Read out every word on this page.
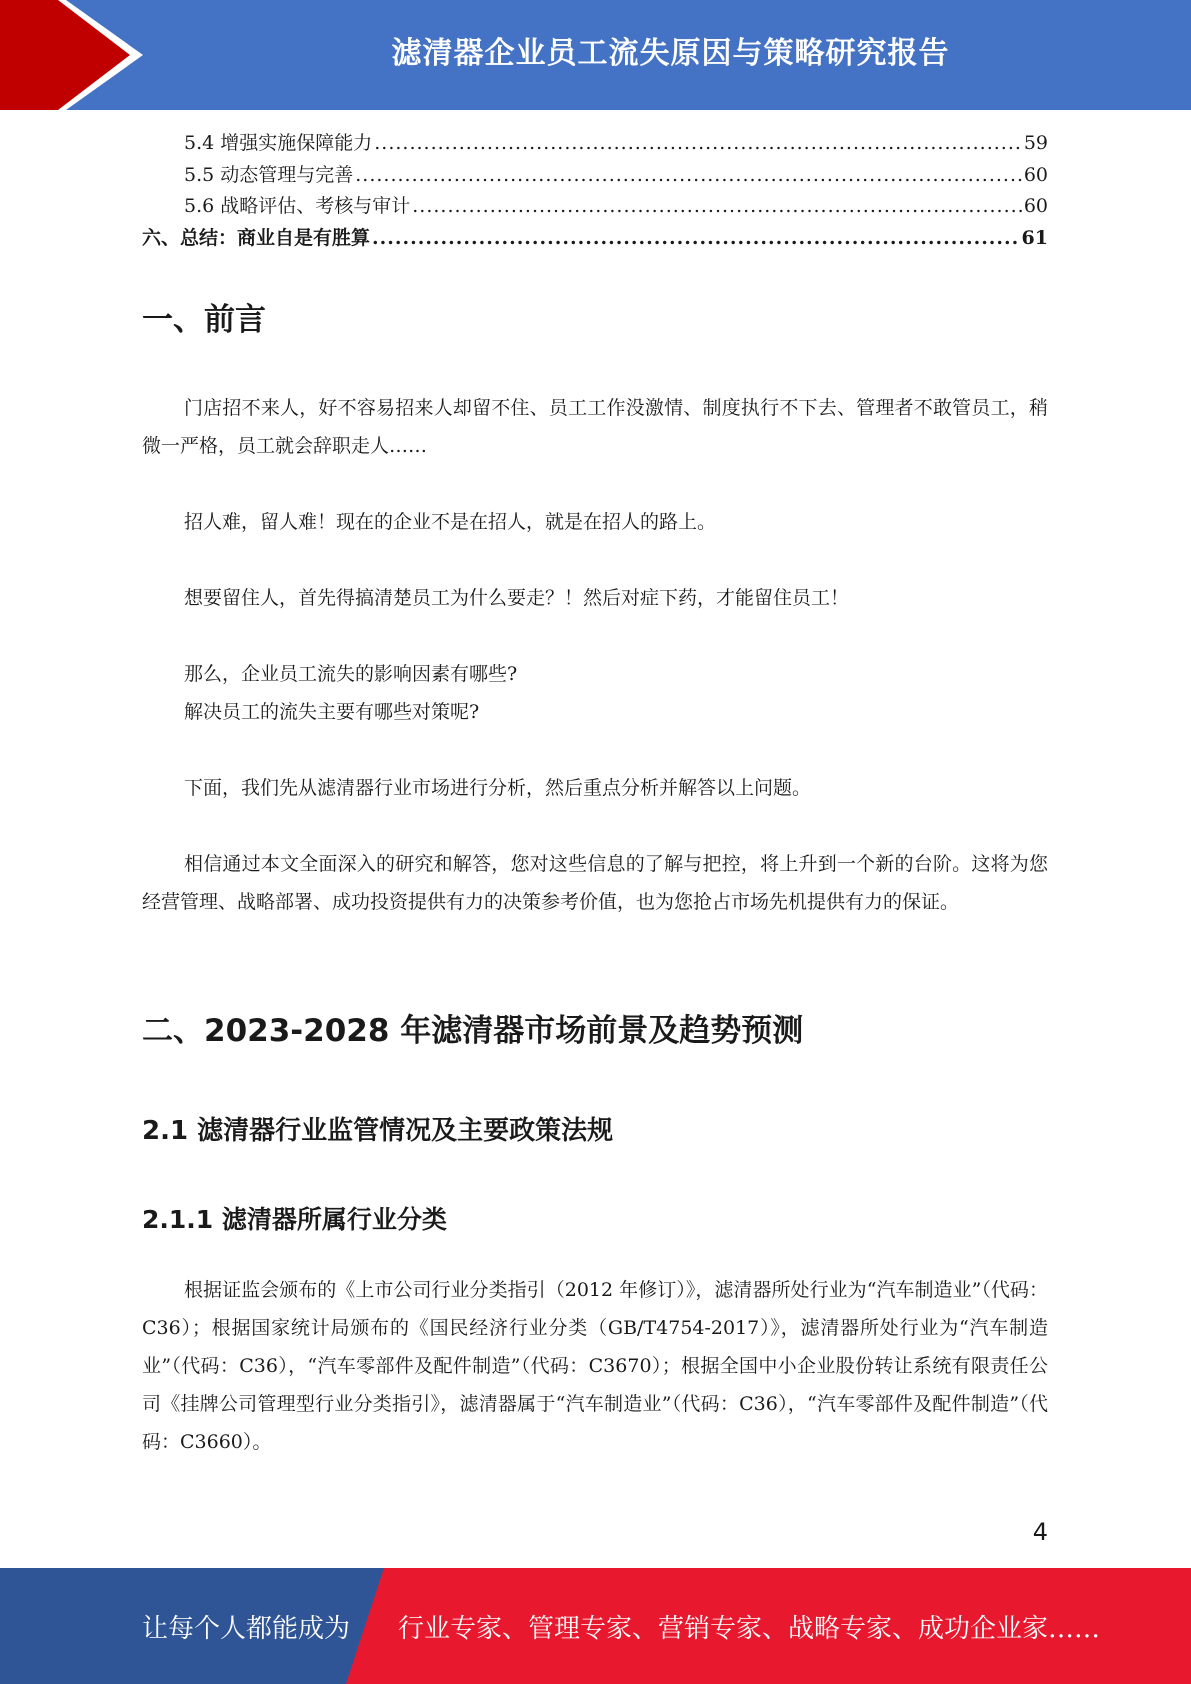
滤清器企业员工流失原因与策略研究报告
5.4 增强实施保障能力 .....	59
5.5 动态管理与完善 .....	60
5.6 战略评估、考核与审计 .....	60
六、总结：商业自是有胜算 .....	61
一、前言

门店招不来人，好不容易招来人却留不住、员工工作没激情、制度执行不下去、管理者不敢管员工，稍微一严格，员工就会辞职走人……

招人难，留人难！现在的企业不是在招人，就是在招人的路上。

想要留住人，首先得搞清楚员工为什么要走？！然后对症下药，才能留住员工！

那么，企业员工流失的影响因素有哪些?

解决员工的流失主要有哪些对策呢?

下面，我们先从滤清器行业市场进行分析，然后重点分析并解答以上问题。

相信通过本文全面深入的研究和解答，您对这些信息的了解与把控，将上升到一个新的台阶。这将为您经营管理、战略部署、成功投资提供有力的决策参考价值，也为您抢占市场先机提供有力的保证。

二、2023-2028 年滤清器市场前景及趋势预测
2.1 滤清器行业监管情况及主要政策法规
2.1.1 滤清器所属行业分类

根据证监会颁布的《上市公司行业分类指引（2012 年修订）》，滤清器所处行业为“汽车制造业”（代码：C36）；根据国家统计局颁布的《国民经济行业分类（GB/T4754-2017）》，滤清器所处行业为“汽车制造业”（代码：C36），“汽车零部件及配件制造”（代码：C3670）；根据全国中小企业股份转让系统有限责任公司《挂牌公司管理型行业分类指引》，滤清器属于“汽车制造业”（代码：C36），“汽车零部件及配件制造”（代码：C3660）。

4
让每个人都能成为 行业专家、管理专家、营销专家、战略专家、成功企业家……
